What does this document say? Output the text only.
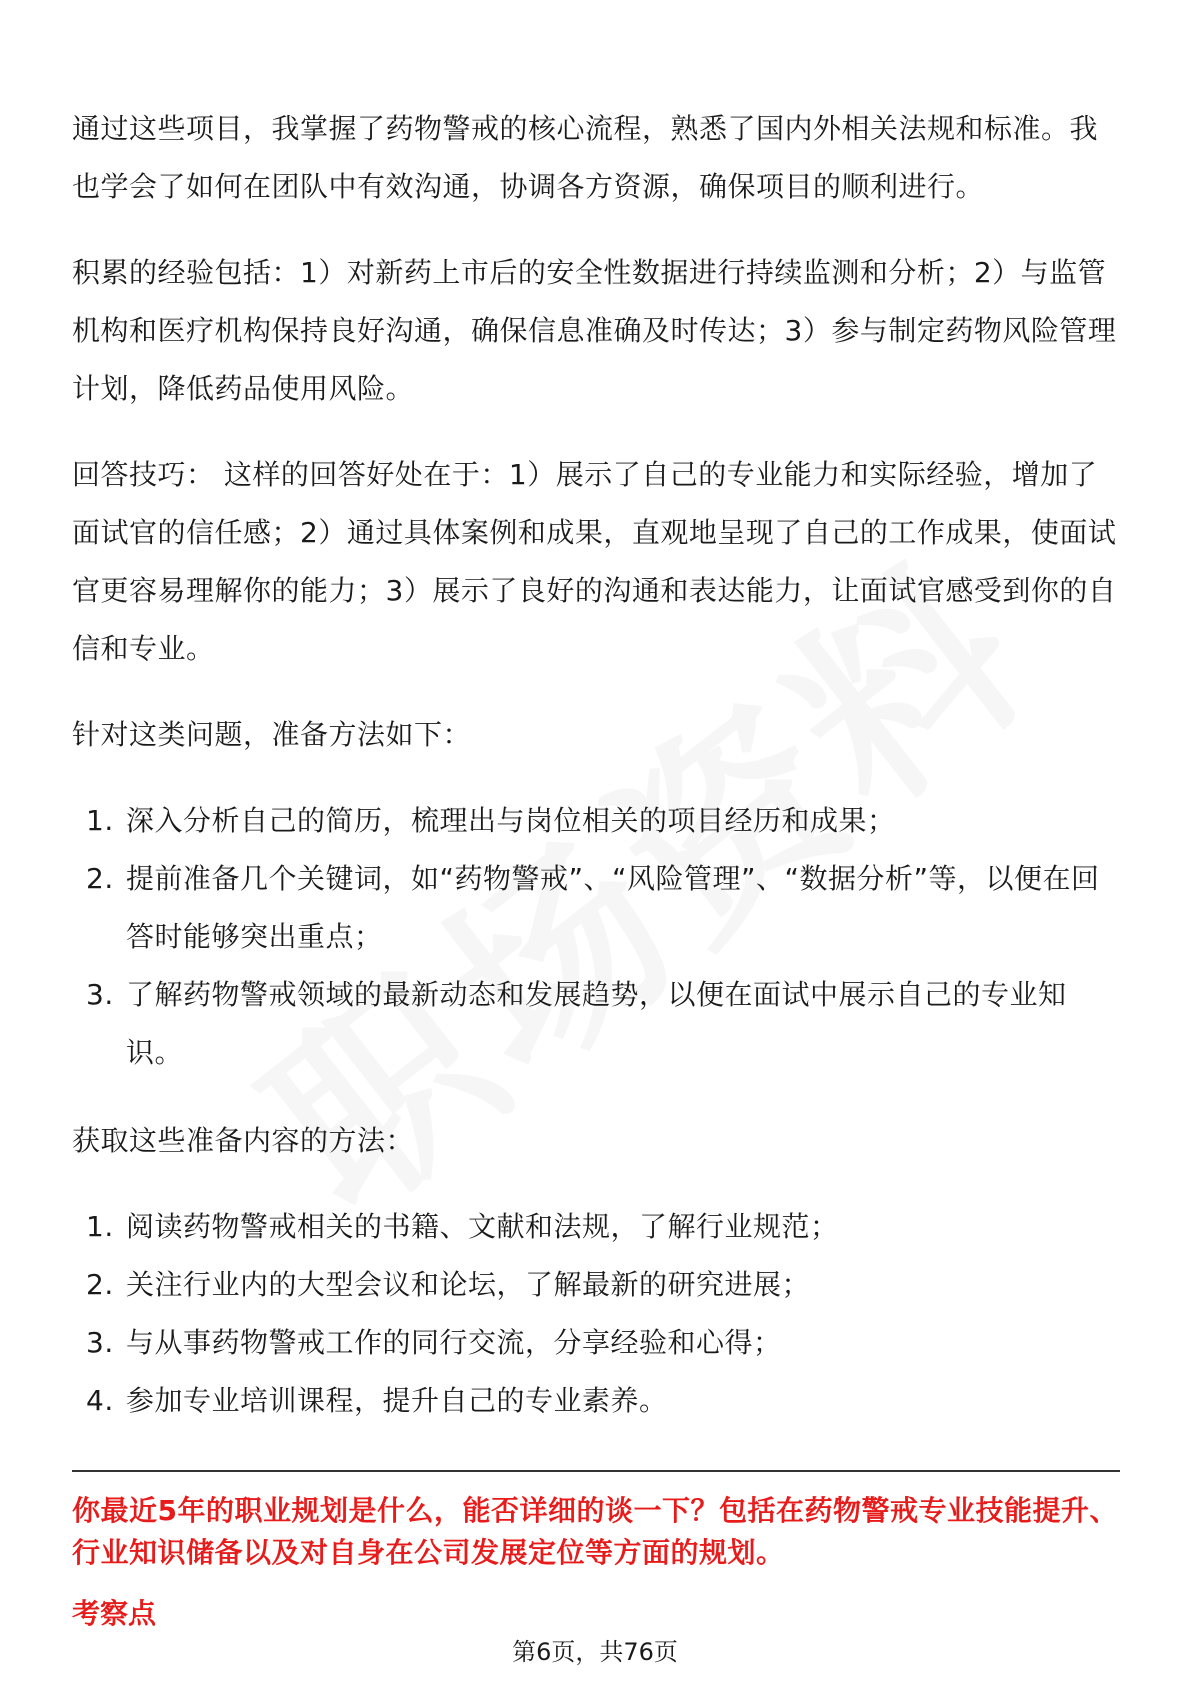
通过这些项目，我掌握了药物警戒的核心流程，熟悉了国内外相关法规和标准。我也学会了如何在团队中有效沟通，协调各方资源，确保项目的顺利进行。

积累的经验包括：1）对新药上市后的安全性数据进行持续监测和分析；2）与监管机构和医疗机构保持良好沟通，确保信息准确及时传达；3）参与制定药物风险管理计划，降低药品使用风险。

回答技巧： 这样的回答好处在于：1）展示了自己的专业能力和实际经验，增加了面试官的信任感；2）通过具体案例和成果，直观地呈现了自己的工作成果，使面试官更容易理解你的能力；3）展示了良好的沟通和表达能力，让面试官感受到你的自信和专业。

针对这类问题，准备方法如下：

1. 深入分析自己的简历，梳理出与岗位相关的项目经历和成果；
2. 提前准备几个关键词，如“药物警戒”、“风险管理”、“数据分析”等，以便在回答时能够突出重点；
3. 了解药物警戒领域的最新动态和发展趋势，以便在面试中展示自己的专业知识。

获取这些准备内容的方法：

1. 阅读药物警戒相关的书籍、文献和法规，了解行业规范；
2. 关注行业内的大型会议和论坛，了解最新的研究进展；
3. 与从事药物警戒工作的同行交流，分享经验和心得；
4. 参加专业培训课程，提升自己的专业素养。
你最近5年的职业规划是什么，能否详细的谈一下？包括在药物警戒专业技能提升、行业知识储备以及对自身在公司发展定位等方面的规划。
考察点
第6页，共76页
